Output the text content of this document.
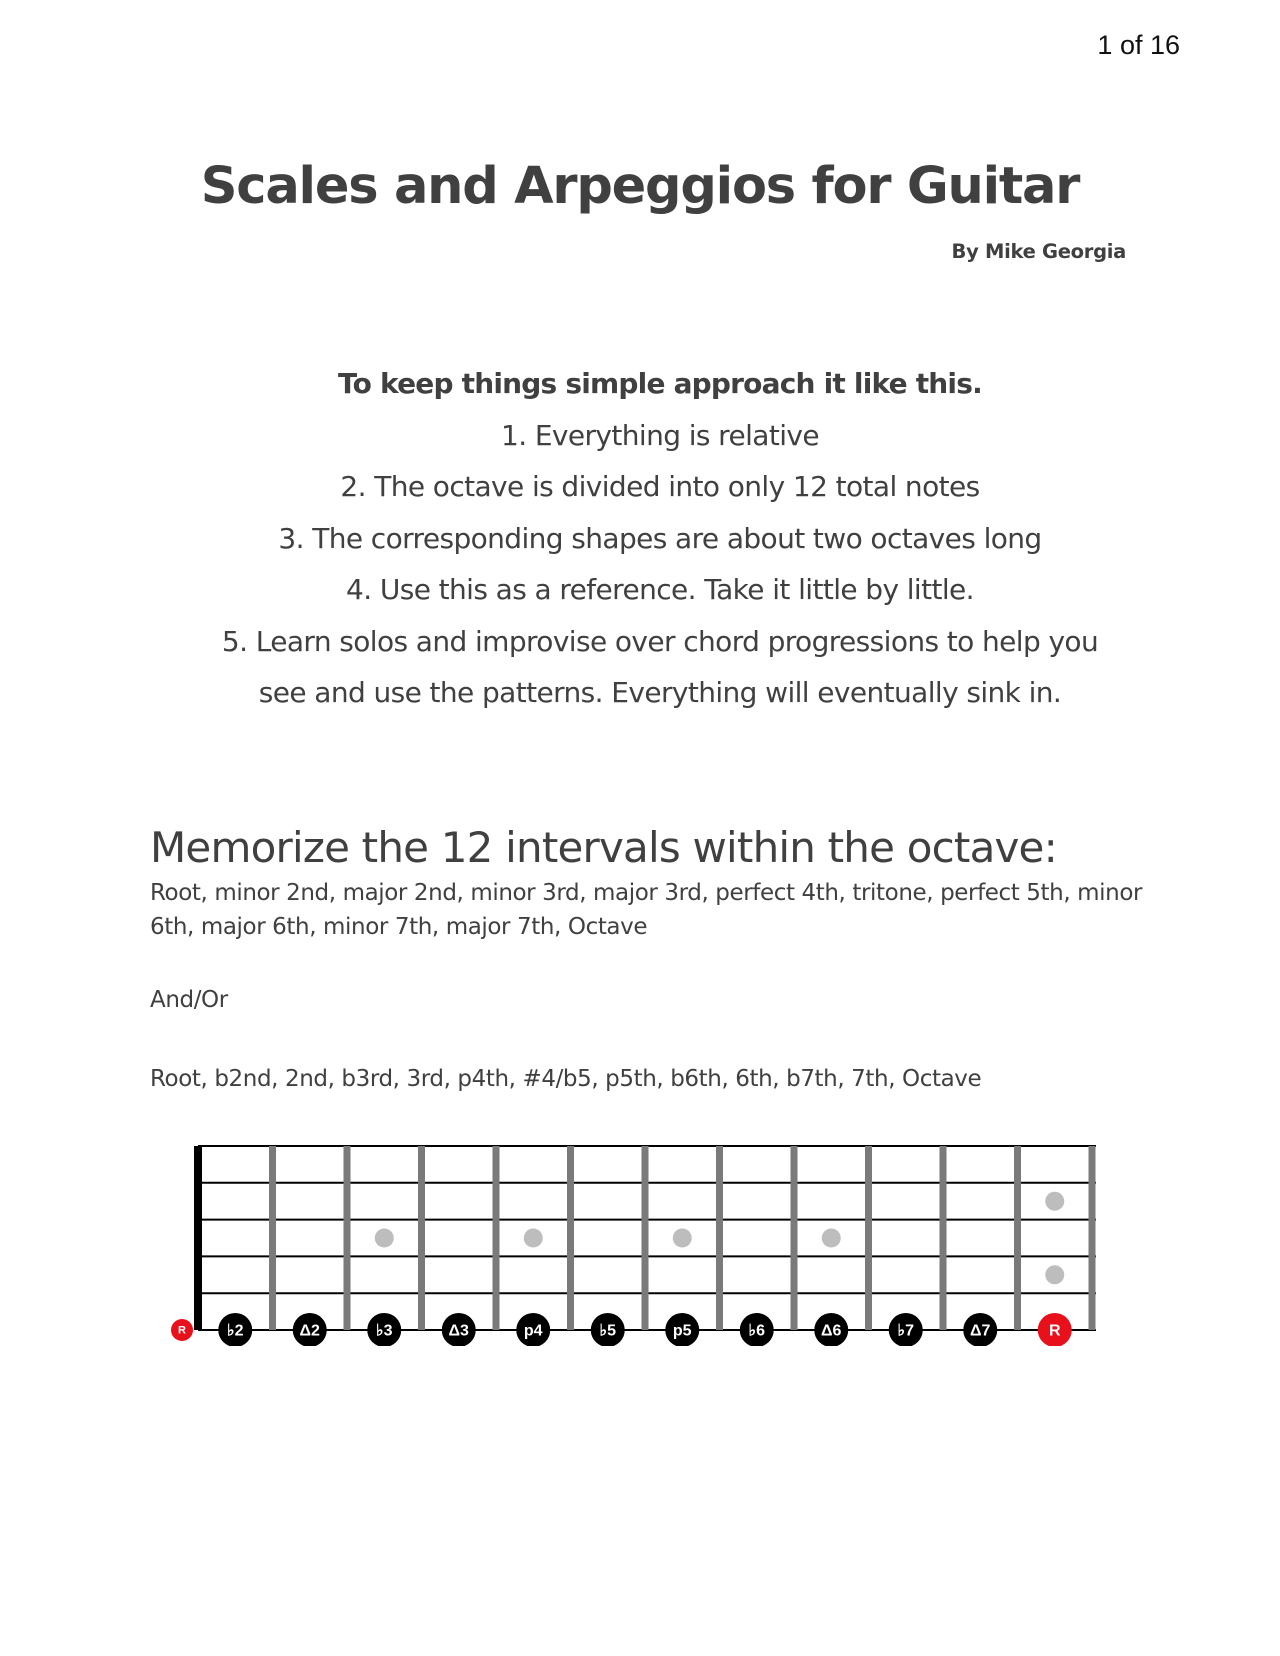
1 of 16
Scales and Arpeggios for Guitar
By Mike Georgia
To keep things simple approach it like this.
1. Everything is relative
2. The octave is divided into only 12 total notes
3. The corresponding shapes are about two octaves long
4. Use this as a reference. Take it little by little.
5. Learn solos and improvise over chord progressions to help you see and use the patterns. Everything will eventually sink in.
Memorize the 12 intervals within the octave:
Root, minor 2nd, major 2nd, minor 3rd, major 3rd, perfect 4th, tritone, perfect 5th, minor 6th, major 6th, minor 7th, major 7th, Octave
And/Or
Root, b2nd, 2nd, b3rd, 3rd, p4th, #4/b5, p5th, b6th, 6th, b7th, 7th, Octave
R	♭2	Δ2	♭3	Δ3	p4	♭5	p5	♭6	Δ6	♭7	Δ7	R
